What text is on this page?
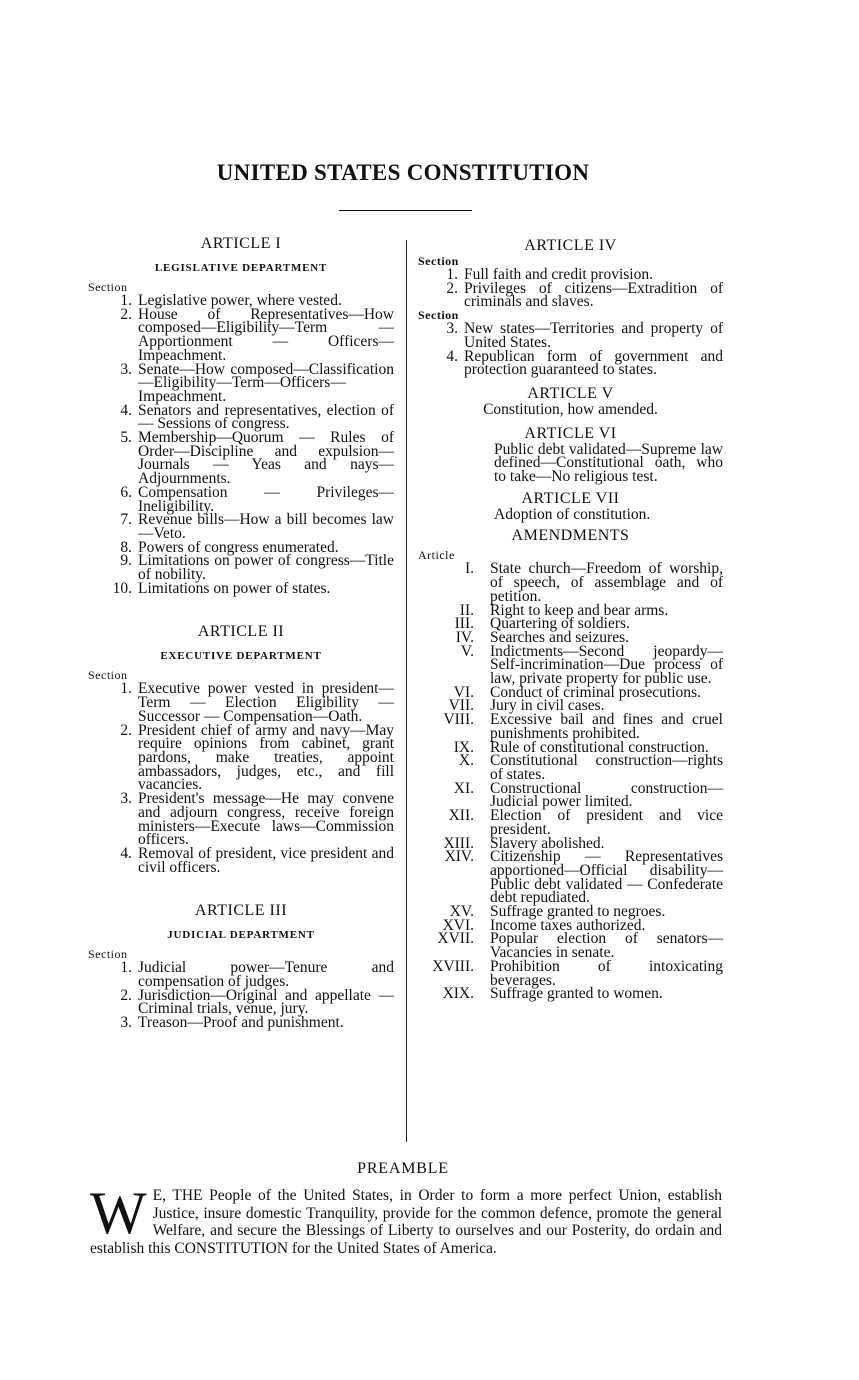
UNITED STATES CONSTITUTION
ARTICLE I
LEGISLATIVE DEPARTMENT
Section
1. Legislative power, where vested.
2. House of Representatives—How composed—Eligibility—Term — Apportionment — Officers—Impeachment.
3. Senate—How composed—Classification—Eligibility—Term—Officers—Impeachment.
4. Senators and representatives, election of — Sessions of congress.
5. Membership—Quorum — Rules of Order—Discipline and expulsion—Journals — Yeas and nays—Adjournments.
6. Compensation — Privileges—Ineligibility.
7. Revenue bills—How a bill becomes law—Veto.
8. Powers of congress enumerated.
9. Limitations on power of congress—Title of nobility.
10. Limitations on power of states.
ARTICLE II
EXECUTIVE DEPARTMENT
Section
1. Executive power vested in president—Term — Election Eligibility — Successor — Compensation—Oath.
2. President chief of army and navy—May require opinions from cabinet, grant pardons, make treaties, appoint ambassadors, judges, etc., and fill vacancies.
3. President's message—He may convene and adjourn congress, receive foreign ministers—Execute laws—Commission officers.
4. Removal of president, vice president and civil officers.
ARTICLE III
JUDICIAL DEPARTMENT
Section
1. Judicial power—Tenure and compensation of judges.
2. Jurisdiction—Original and appellate — Criminal trials, venue, jury.
3. Treason—Proof and punishment.
ARTICLE IV
Section
1. Full faith and credit provision.
2. Privileges of citizens—Extradition of criminals and slaves.
Section
3. New states—Territories and property of United States.
4. Republican form of government and protection guaranteed to states.
ARTICLE V
Constitution, how amended.
ARTICLE VI
Public debt validated—Supreme law defined—Constitutional oath, who to take—No religious test.
ARTICLE VII
Adoption of constitution.
AMENDMENTS
Article
I. State church—Freedom of worship, of speech, of assemblage and of petition.
II. Right to keep and bear arms.
III. Quartering of soldiers.
IV. Searches and seizures.
V. Indictments—Second jeopardy—Self-incrimination—Due process of law, private property for public use.
VI. Conduct of criminal prosecutions.
VII. Jury in civil cases.
VIII. Excessive bail and fines and cruel punishments prohibited.
IX. Rule of constitutional construction.
X. Constitutional construction—rights of states.
XI. Constructional construction—Judicial power limited.
XII. Election of president and vice president.
XIII. Slavery abolished.
XIV. Citizenship — Representatives apportioned—Official disability—Public debt validated — Confederate debt repudiated.
XV. Suffrage granted to negroes.
XVI. Income taxes authorized.
XVII. Popular election of senators—Vacancies in senate.
XVIII. Prohibition of intoxicating beverages.
XIX. Suffrage granted to women.
PREAMBLE
W E, THE People of the United States, in Order to form a more perfect Union, establish Justice, insure domestic Tranquility, provide for the common defence, promote the general Welfare, and secure the Blessings of Liberty to ourselves and our Posterity, do ordain and establish this CONSTITUTION for the United States of America.
